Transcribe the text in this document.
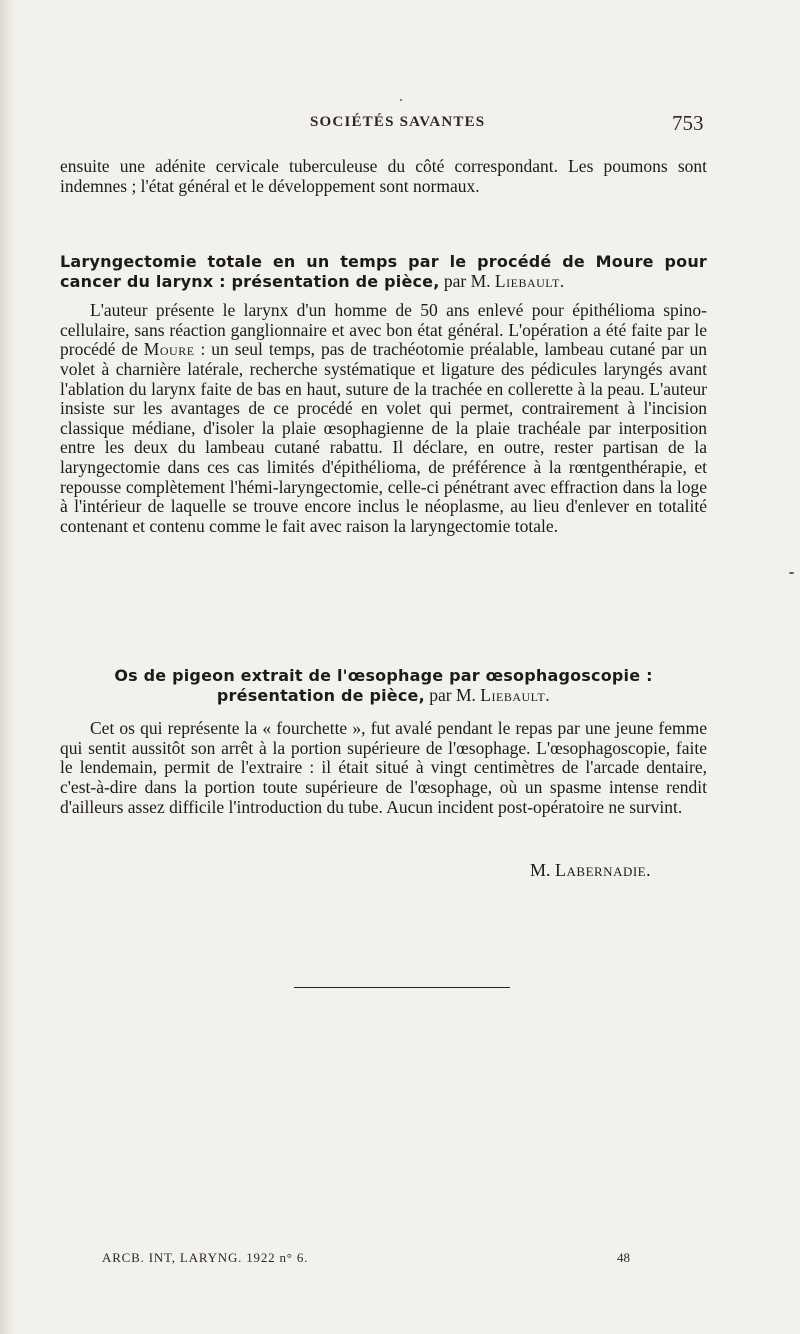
SOCIÉTÉS SAVANTES	753

ensuite une adénite cervicale tuberculeuse du côté correspondant. Les poumons sont indemnes ; l'état général et le développement sont normaux.

Laryngectomie totale en un temps par le procédé de Moure pour cancer du larynx : présentation de pièce, par M. Liebault.

L'auteur présente le larynx d'un homme de 50 ans enlevé pour épithélioma spino-cellulaire, sans réaction ganglionnaire et avec bon état général. L'opération a été faite par le procédé de Moure : un seul temps, pas de trachéotomie préalable, lambeau cutané par un volet à charnière latérale, recherche systématique et ligature des pédicules laryngés avant l'ablation du larynx faite de bas en haut, suture de la trachée en collerette à la peau. L'auteur insiste sur les avantages de ce procédé en volet qui permet, contrairement à l'incision classique médiane, d'isoler la plaie œsophagienne de la plaie trachéale par interposition entre les deux du lambeau cutané rabattu. Il déclare, en outre, rester partisan de la laryngectomie dans ces cas limités d'épithélioma, de préférence à la rœntgenthérapie, et repousse complètement l'hémi-laryngectomie, celle-ci pénétrant avec effraction dans la loge à l'intérieur de laquelle se trouve encore inclus le néoplasme, au lieu d'enlever en totalité contenant et contenu comme le fait avec raison la laryngectomie totale.

Os de pigeon extrait de l'œsophage par œsophagoscopie :

présentation de pièce, par M. Liebault.

Cet os qui représente la « fourchette », fut avalé pendant le repas par une jeune femme qui sentit aussitôt son arrêt à la portion supérieure de l'œsophage. L'œsophagoscopie, faite le lendemain, permit de l'extraire : il était situé à vingt centimètres de l'arcade dentaire, c'est-à-dire dans la portion toute supérieure de l'œsophage, où un spasme intense rendit d'ailleurs assez difficile l'introduction du tube. Aucun incident post-opératoire ne survint.

M. Labernadie.
ARCB. INT, LARYNG. 1922 n° 6.	48
